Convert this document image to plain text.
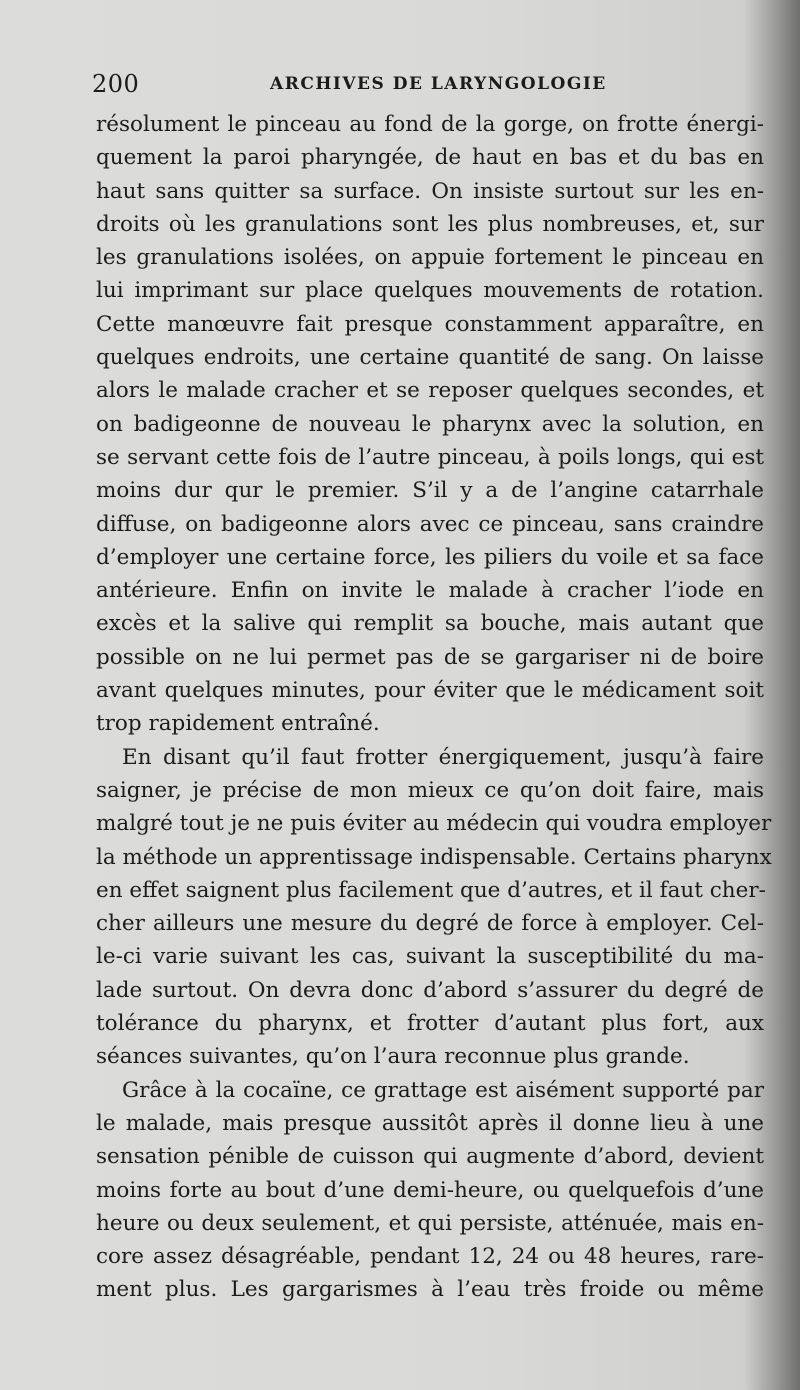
200	ARCHIVES DE LARYNGOLOGIE
résolument le pinceau au fond de la gorge, on frotte énergi-
quement la paroi pharyngée, de haut en bas et du bas en
haut sans quitter sa surface. On insiste surtout sur les en-
droits où les granulations sont les plus nombreuses, et, sur
les granulations isolées, on appuie fortement le pinceau en
lui imprimant sur place quelques mouvements de rotation.
Cette manœuvre fait presque constamment apparaître, en
quelques endroits, une certaine quantité de sang. On laisse
alors le malade cracher et se reposer quelques secondes, et
on badigeonne de nouveau le pharynx avec la solution, en
se servant cette fois de l’autre pinceau, à poils longs, qui est
moins dur qur le premier. S’il y a de l’angine catarrhale
diffuse, on badigeonne alors avec ce pinceau, sans craindre
d’employer une certaine force, les piliers du voile et sa face
antérieure. Enfin on invite le malade à cracher l’iode en
excès et la salive qui remplit sa bouche, mais autant que
possible on ne lui permet pas de se gargariser ni de boire
avant quelques minutes, pour éviter que le médicament soit
trop rapidement entraîné.
En disant qu’il faut frotter énergiquement, jusqu’à faire
saigner, je précise de mon mieux ce qu’on doit faire, mais
malgré tout je ne puis éviter au médecin qui voudra employer
la méthode un apprentissage indispensable. Certains pharynx
en effet saignent plus facilement que d’autres, et il faut cher-
cher ailleurs une mesure du degré de force à employer. Cel-
le-ci varie suivant les cas, suivant la susceptibilité du ma-
lade surtout. On devra donc d’abord s’assurer du degré de
tolérance du pharynx, et frotter d’autant plus fort, aux
séances suivantes, qu’on l’aura reconnue plus grande.
Grâce à la cocaïne, ce grattage est aisément supporté par
le malade, mais presque aussitôt après il donne lieu à une
sensation pénible de cuisson qui augmente d’abord, devient
moins forte au bout d’une demi-heure, ou quelquefois d’une
heure ou deux seulement, et qui persiste, atténuée, mais en-
core assez désagréable, pendant 12, 24 ou 48 heures, rare-
ment plus. Les gargarismes à l’eau très froide ou même
